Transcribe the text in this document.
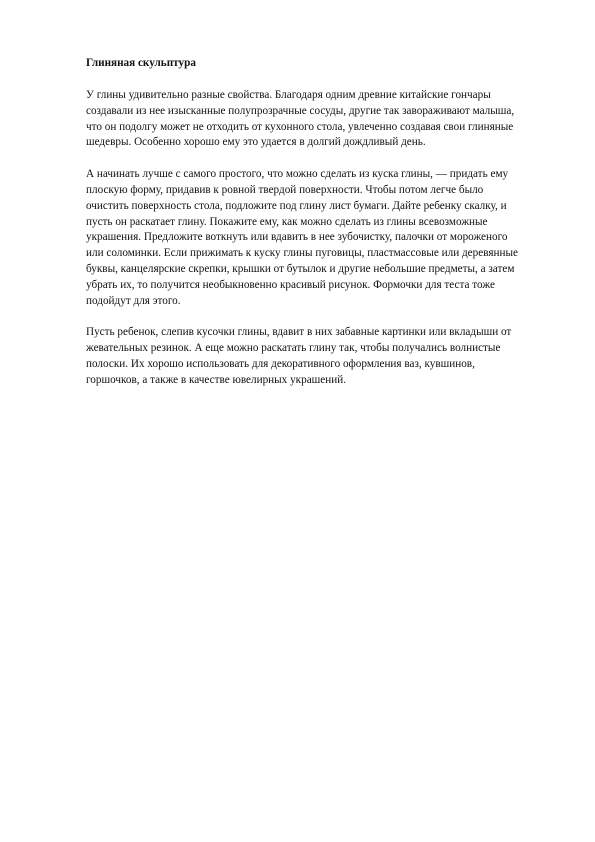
Глиняная скульптура

У глины удивительно разные свойства. Благодаря одним древние китайские гончары
создавали из нее изысканные полупрозрачные сосуды, другие так завораживают малыша,
что он подолгу может не отходить от кухонного стола, увлеченно создавая свои глиняные
шедевры. Особенно хорошо ему это удается в долгий дождливый день.

А начинать лучше с самого простого, что можно сделать из куска глины, — придать ему
плоскую форму, придавив к ровной твердой поверхности. Чтобы потом легче было
очистить поверхность стола, подложите под глину лист бумаги. Дайте ребенку скалку, и
пусть он раскатает глину. Покажите ему, как можно сделать из глины всевозможные
украшения. Предложите воткнуть или вдавить в нее зубочистку, палочки от мороженого
или соломинки. Если прижимать к куску глины пуговицы, пластмассовые или деревянные
буквы, канцелярские скрепки, крышки от бутылок и другие небольшие предметы, а затем
убрать их, то получится необыкновенно красивый рисунок. Формочки для теста тоже
подойдут для этого.

Пусть ребенок, слепив кусочки глины, вдавит в них забавные картинки или вкладыши от
жевательных резинок. А еще можно раскатать глину так, чтобы получались волнистые
полоски. Их хорошо использовать для декоративного оформления ваз, кувшинов,
горшочков, а также в качестве ювелирных украшений.
